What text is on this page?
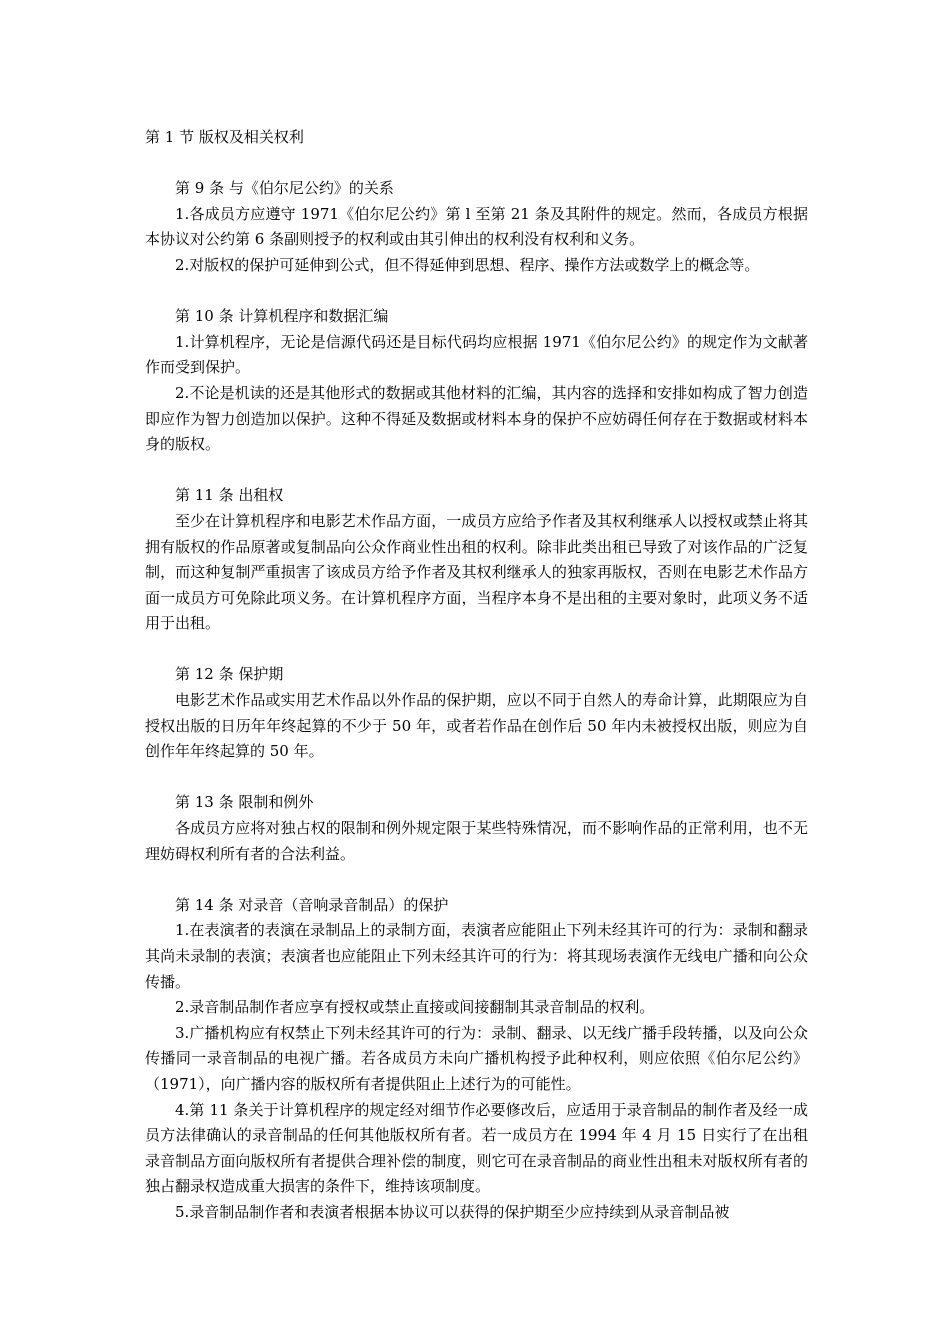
第 1 节 版权及相关权利

第 9 条 与《伯尔尼公约》的关系

1.各成员方应遵守 1971《伯尔尼公约》第 l 至第 21 条及其附件的规定。然而，各成员方根据本协议对公约第 6 条副则授予的权利或由其引伸出的权利没有权利和义务。

2.对版权的保护可延伸到公式，但不得延伸到思想、程序、操作方法或数学上的概念等。

第 10 条 计算机程序和数据汇编

1.计算机程序，无论是信源代码还是目标代码均应根据 1971《伯尔尼公约》的规定作为文献著作而受到保护。

2.不论是机读的还是其他形式的数据或其他材料的汇编，其内容的选择和安排如构成了智力创造即应作为智力创造加以保护。这种不得延及数据或材料本身的保护不应妨碍任何存在于数据或材料本身的版权。

第 11 条 出租权

至少在计算机程序和电影艺术作品方面，一成员方应给予作者及其权利继承人以授权或禁止将其拥有版权的作品原著或复制品向公众作商业性出租的权利。除非此类出租已导致了对该作品的广泛复制，而这种复制严重损害了该成员方给予作者及其权利继承人的独家再版权，否则在电影艺术作品方面一成员方可免除此项义务。在计算机程序方面，当程序本身不是出租的主要对象时，此项义务不适用于出租。

第 12 条 保护期

电影艺术作品或实用艺术作品以外作品的保护期，应以不同于自然人的寿命计算，此期限应为自授权出版的日历年年终起算的不少于 50 年，或者若作品在创作后 50 年内未被授权出版，则应为自创作年年终起算的 50 年。

第 13 条 限制和例外

各成员方应将对独占权的限制和例外规定限于某些特殊情况，而不影响作品的正常利用，也不无理妨碍权利所有者的合法利益。

第 14 条 对录音（音响录音制品）的保护

1.在表演者的表演在录制品上的录制方面，表演者应能阻止下列未经其许可的行为：录制和翻录其尚未录制的表演；表演者也应能阻止下列未经其许可的行为：将其现场表演作无线电广播和向公众传播。

2.录音制品制作者应享有授权或禁止直接或间接翻制其录音制品的权利。

3.广播机构应有权禁止下列未经其许可的行为：录制、翻录、以无线广播手段转播，以及向公众传播同一录音制品的电视广播。若各成员方未向广播机构授予此种权利，则应依照《伯尔尼公约》（1971），向广播内容的版权所有者提供阻止上述行为的可能性。

4.第 11 条关于计算机程序的规定经对细节作必要修改后，应适用于录音制品的制作者及经一成员方法律确认的录音制品的任何其他版权所有者。若一成员方在 1994 年 4 月 15 日实行了在出租录音制品方面向版权所有者提供合理补偿的制度，则它可在录音制品的商业性出租未对版权所有者的独占翻录权造成重大损害的条件下，维持该项制度。

5.录音制品制作者和表演者根据本协议可以获得的保护期至少应持续到从录音制品被
